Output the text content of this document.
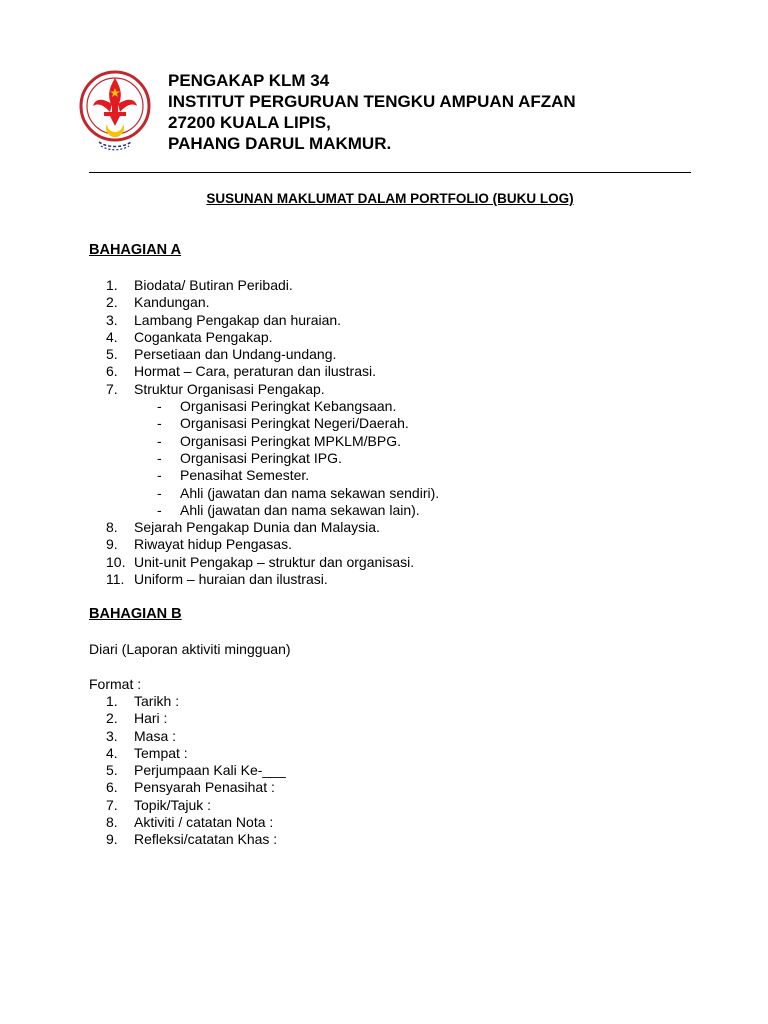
PENGAKAP KLM 34
INSTITUT PERGURUAN TENGKU AMPUAN AFZAN
27200 KUALA LIPIS,
PAHANG DARUL MAKMUR.
SUSUNAN MAKLUMAT DALAM PORTFOLIO (BUKU LOG)
BAHAGIAN A
1. Biodata/ Butiran Peribadi.
2. Kandungan.
3. Lambang Pengakap dan huraian.
4. Cogankata Pengakap.
5. Persetiaan dan Undang-undang.
6. Hormat – Cara, peraturan dan ilustrasi.
7. Struktur Organisasi Pengakap.
- Organisasi Peringkat Kebangsaan.
- Organisasi Peringkat Negeri/Daerah.
- Organisasi Peringkat MPKLM/BPG.
- Organisasi Peringkat IPG.
- Penasihat Semester.
- Ahli (jawatan dan nama sekawan sendiri).
- Ahli (jawatan dan nama sekawan lain).
8. Sejarah Pengakap Dunia dan Malaysia.
9. Riwayat hidup Pengasas.
10. Unit-unit Pengakap – struktur dan organisasi.
11. Uniform – huraian dan ilustrasi.
BAHAGIAN B
Diari (Laporan aktiviti mingguan)
Format :
1. Tarikh :
2. Hari :
3. Masa :
4. Tempat :
5. Perjumpaan Kali Ke-___
6. Pensyarah Penasihat :
7. Topik/Tajuk :
8. Aktiviti / catatan Nota :
9. Refleksi/catatan Khas :
